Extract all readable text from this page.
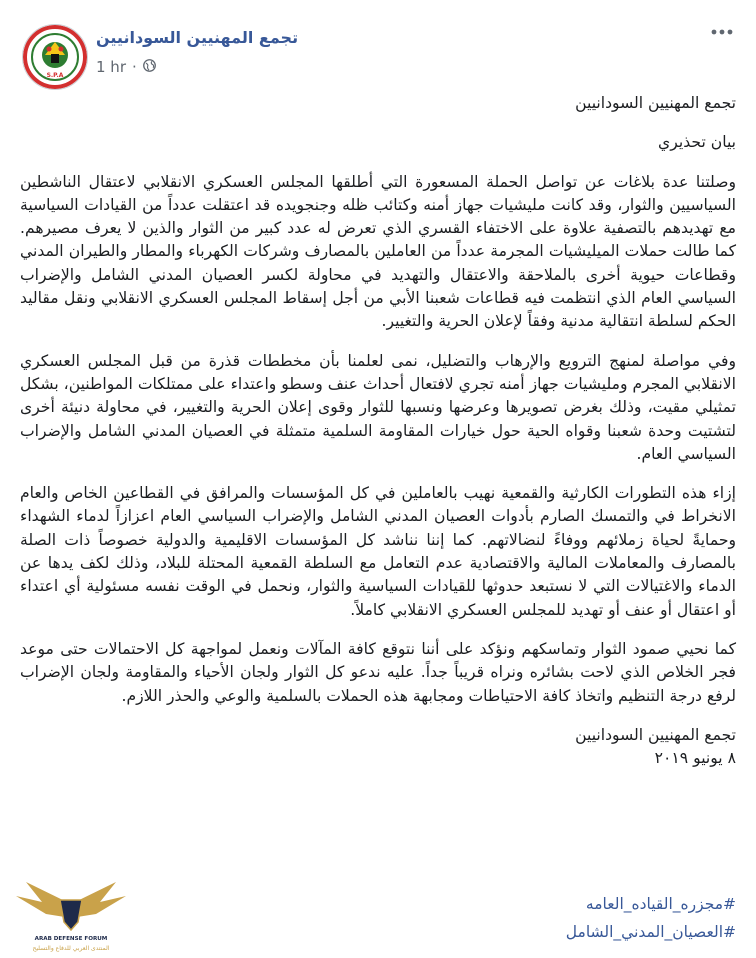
S.P.A
تجمع المهنيين السودانيين
1 hr ·

تجمع المهنيين السودانيين

بيان تحذيري

وصلتنا عدة بلاغات عن تواصل الحملة المسعورة التي أطلقها المجلس العسكري الانقلابي لاعتقال الناشطين السياسيين والثوار، وقد كانت مليشيات جهاز أمنه وكتائب ظله وجنجويده قد اعتقلت عدداً من القيادات السياسية مع تهديدهم بالتصفية علاوة على الاختفاء القسري الذي تعرض له عدد كبير من الثوار والذين لا يعرف مصيرهم. كما طالت حملات الميليشيات المجرمة عدداً من العاملين بالمصارف وشركات الكهرباء والمطار والطيران المدني وقطاعات حيوية أخرى بالملاحقة والاعتقال والتهديد في محاولة لكسر العصيان المدني الشامل والإضراب السياسي العام الذي انتظمت فيه قطاعات شعبنا الأبي من أجل إسقاط المجلس العسكري الانقلابي ونقل مقاليد الحكم لسلطة انتقالية مدنية وفقاً لإعلان الحرية والتغيير.

وفي مواصلة لمنهج الترويع والإرهاب والتضليل، نمى لعلمنا بأن مخططات قذرة من قبل المجلس العسكري الانقلابي المجرم ومليشيات جهاز أمنه تجري لافتعال أحداث عنف وسطو واعتداء على ممتلكات المواطنين، بشكل تمثيلي مقيت، وذلك بغرض تصويرها وعرضها ونسبها للثوار وقوى إعلان الحرية والتغيير، في محاولة دنيئة أخرى لتشتيت وحدة شعبنا وقواه الحية حول خيارات المقاومة السلمية متمثلة في العصيان المدني الشامل والإضراب السياسي العام.

إزاء هذه التطورات الكارثية والقمعية نهيب بالعاملين في كل المؤسسات والمرافق في القطاعين الخاص والعام الانخراط في والتمسك الصارم بأدوات العصيان المدني الشامل والإضراب السياسي العام اعزازاً لدماء الشهداء وحمايةً لحياة زملائهم ووفاءً لنضالاتهم. كما إننا نناشد كل المؤسسات الاقليمية والدولية خصوصاً ذات الصلة بالمصارف والمعاملات المالية والاقتصادية عدم التعامل مع السلطة القمعية المحتلة للبلاد، وذلك لكف يدها عن الدماء والاغتيالات التي لا نستبعد حدوثها للقيادات السياسية والثوار، ونحمل في الوقت نفسه مسئولية أي اعتداء أو اعتقال أو عنف أو تهديد للمجلس العسكري الانقلابي كاملاً.

كما نحيي صمود الثوار وتماسكهم ونؤكد على أننا نتوقع كافة المآلات ونعمل لمواجهة كل الاحتمالات حتى موعد فجر الخلاص الذي لاحت بشائره ونراه قريباً جداً. عليه ندعو كل الثوار ولجان الأحياء والمقاومة ولجان الإضراب لرفع درجة التنظيم واتخاذ كافة الاحتياطات ومجابهة هذه الحملات بالسلمية والوعي والحذر اللازم.

تجمع المهنيين السودانيين

٨ يونيو ٢٠١٩

#مجزره_القياده_العامه
#العصيان_المدني_الشامل
ARAB DEFENSE FORUM
المنتدى العربي للدفاع والتسليح
